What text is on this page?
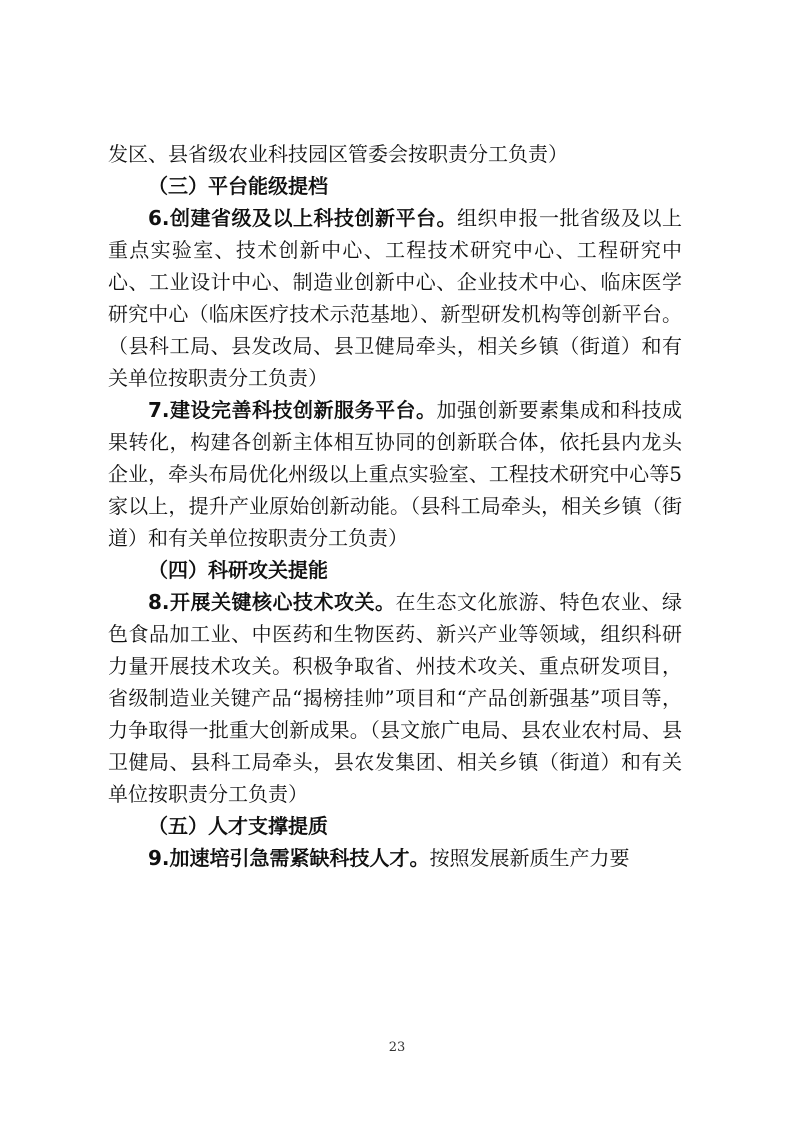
发区、县省级农业科技园区管委会按职责分工负责）

（三）平台能级提档

6.创建省级及以上科技创新平台。组织申报一批省级及以上重点实验室、技术创新中心、工程技术研究中心、工程研究中心、工业设计中心、制造业创新中心、企业技术中心、临床医学研究中心（临床医疗技术示范基地）、新型研发机构等创新平台。（县科工局、县发改局、县卫健局牵头，相关乡镇（街道）和有关单位按职责分工负责）

7.建设完善科技创新服务平台。加强创新要素集成和科技成果转化，构建各创新主体相互协同的创新联合体，依托县内龙头企业，牵头布局优化州级以上重点实验室、工程技术研究中心等5家以上，提升产业原始创新动能。（县科工局牵头，相关乡镇（街道）和有关单位按职责分工负责）

（四）科研攻关提能

8.开展关键核心技术攻关。在生态文化旅游、特色农业、绿色食品加工业、中医药和生物医药、新兴产业等领域，组织科研力量开展技术攻关。积极争取省、州技术攻关、重点研发项目，省级制造业关键产品“揭榜挂帅”项目和“产品创新强基”项目等，力争取得一批重大创新成果。（县文旅广电局、县农业农村局、县卫健局、县科工局牵头，县农发集团、相关乡镇（街道）和有关单位按职责分工负责）

（五）人才支撑提质

9.加速培引急需紧缺科技人才。按照发展新质生产力要

23
